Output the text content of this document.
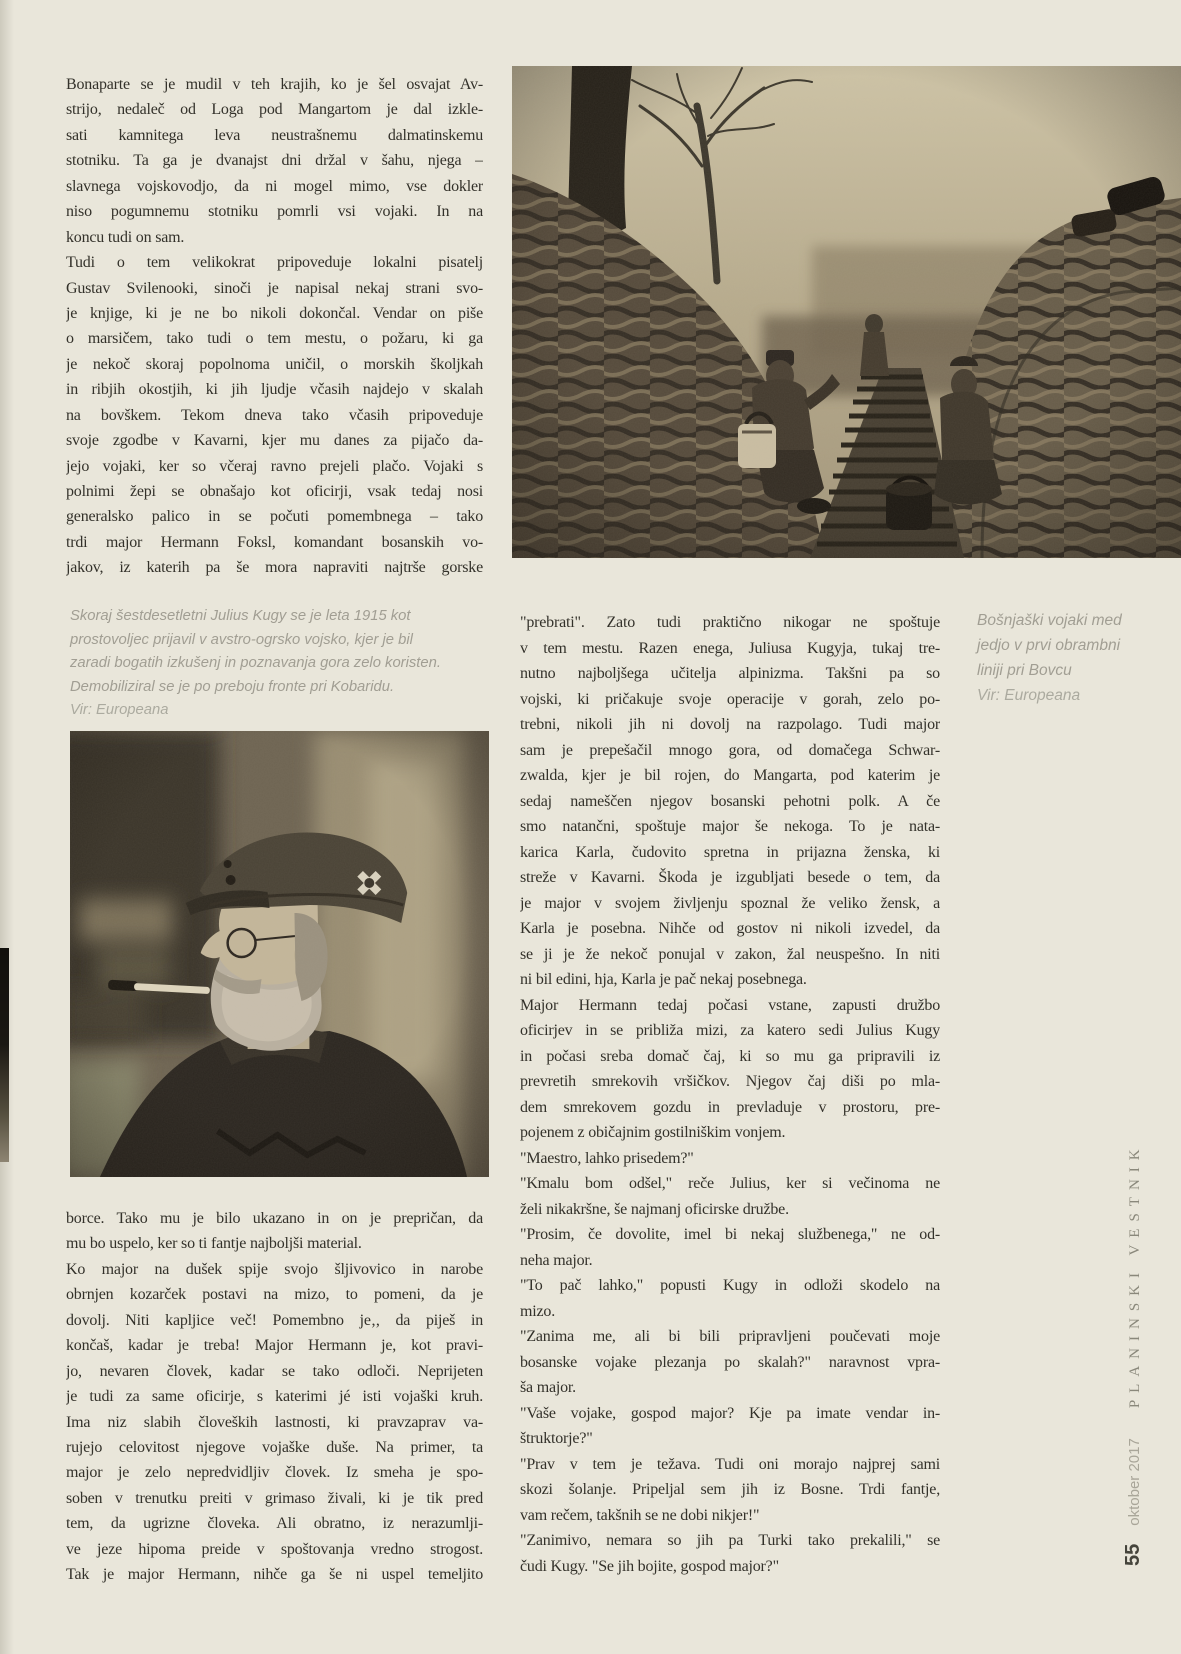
Bonaparte se je mudil v teh krajih, ko je šel osvajat Av-
strijo, nedaleč od Loga pod Mangartom je dal izkle-
sati kamnitega leva neustrašnemu dalmatinskemu
stotniku. Ta ga je dvanajst dni držal v šahu, njega –
slavnega vojskovodjo, da ni mogel mimo, vse dokler
niso pogumnemu stotniku pomrli vsi vojaki. In na
koncu tudi on sam.
Tudi o tem velikokrat pripoveduje lokalni pisatelj
Gustav Svilenooki, sinoči je napisal nekaj strani svo-
je knjige, ki je ne bo nikoli dokončal. Vendar on piše
o marsičem, tako tudi o tem mestu, o požaru, ki ga
je nekoč skoraj popolnoma uničil, o morskih školjkah
in ribjih okostjih, ki jih ljudje včasih najdejo v skalah
na bovškem. Tekom dneva tako včasih pripoveduje
svoje zgodbe v Kavarni, kjer mu danes za pijačo da-
jejo vojaki, ker so včeraj ravno prejeli plačo. Vojaki s
polnimi žepi se obnašajo kot oficirji, vsak tedaj nosi
generalsko palico in se počuti pomembnega – tako
trdi major Hermann Foksl, komandant bosanskih vo-
jakov, iz katerih pa še mora napraviti najtrše gorske
Skoraj šestdesetletni Julius Kugy se je leta 1915 kot
prostovoljec prijavil v avstro-ogrsko vojsko, kjer je bil
zaradi bogatih izkušenj in poznavanja gora zelo koristen.
Demobiliziral se je po preboju fronte pri Kobaridu.
Vir: Europeana
borce. Tako mu je bilo ukazano in on je prepričan, da
mu bo uspelo, ker so ti fantje najboljši material.
Ko major na dušek spije svojo šljivovico in narobe
obrnjen kozarček postavi na mizo, to pomeni, da je
dovolj. Niti kapljice več! Pomembno je‚, da piješ in
končaš, kadar je treba! Major Hermann je, kot pravi-
jo, nevaren človek, kadar se tako odloči. Neprijeten
je tudi za same oficirje, s katerimi jé isti vojaški kruh.
Ima niz slabih človeških lastnosti, ki pravzaprav va-
rujejo celovitost njegove vojaške duše. Na primer, ta
major je zelo nepredvidljiv človek. Iz smeha je spo-
soben v trenutku preiti v grimaso živali, ki je tik pred
tem, da ugrizne človeka. Ali obratno, iz nerazumlji-
ve jeze hipoma preide v spoštovanja vredno strogost.
Tak je major Hermann, nihče ga še ni uspel temeljito
"prebrati". Zato tudi praktično nikogar ne spoštuje
v tem mestu. Razen enega, Juliusa Kugyja, tukaj tre-
nutno najboljšega učitelja alpinizma. Takšni pa so
vojski, ki pričakuje svoje operacije v gorah, zelo po-
trebni, nikoli jih ni dovolj na razpolago. Tudi major
sam je prepešačil mnogo gora, od domačega Schwar-
zwalda, kjer je bil rojen, do Mangarta, pod katerim je
sedaj nameščen njegov bosanski pehotni polk. A če
smo natančni, spoštuje major še nekoga. To je nata-
karica Karla, čudovito spretna in prijazna ženska, ki
streže v Kavarni. Škoda je izgubljati besede o tem, da
je major v svojem življenju spoznal že veliko žensk, a
Karla je posebna. Nihče od gostov ni nikoli izvedel, da
se ji je že nekoč ponujal v zakon, žal neuspešno. In niti
ni bil edini, hja, Karla je pač nekaj posebnega.
Major Hermann tedaj počasi vstane, zapusti družbo
oficirjev in se približa mizi, za katero sedi Julius Kugy
in počasi sreba domač čaj, ki so mu ga pripravili iz
prevretih smrekovih vršičkov. Njegov čaj diši po mla-
dem smrekovem gozdu in prevladuje v prostoru, pre-
pojenem z običajnim gostilniškim vonjem.
"Maestro, lahko prisedem?"
"Kmalu bom odšel," reče Julius, ker si večinoma ne
želi nikakršne, še najmanj oficirske družbe.
"Prosim, če dovolite, imel bi nekaj službenega," ne od-
neha major.
"To pač lahko," popusti Kugy in odloži skodelo na
mizo.
"Zanima me, ali bi bili pripravljeni poučevati moje
bosanske vojake plezanja po skalah?" naravnost vpra-
ša major.
"Vaše vojake, gospod major? Kje pa imate vendar in-
štruktorje?"
"Prav v tem je težava. Tudi oni morajo najprej sami
skozi šolanje. Pripeljal sem jih iz Bosne. Trdi fantje,
vam rečem, takšnih se ne dobi nikjer!"
"Zanimivo, nemara so jih pa Turki tako prekalili," se
čudi Kugy. "Se jih bojite, gospod major?"
Bošnjaški vojaki med
jedjo v prvi obrambni
liniji pri Bovcu
Vir: Europeana
55
oktober 2017
PLANINSKI VESTNIK
